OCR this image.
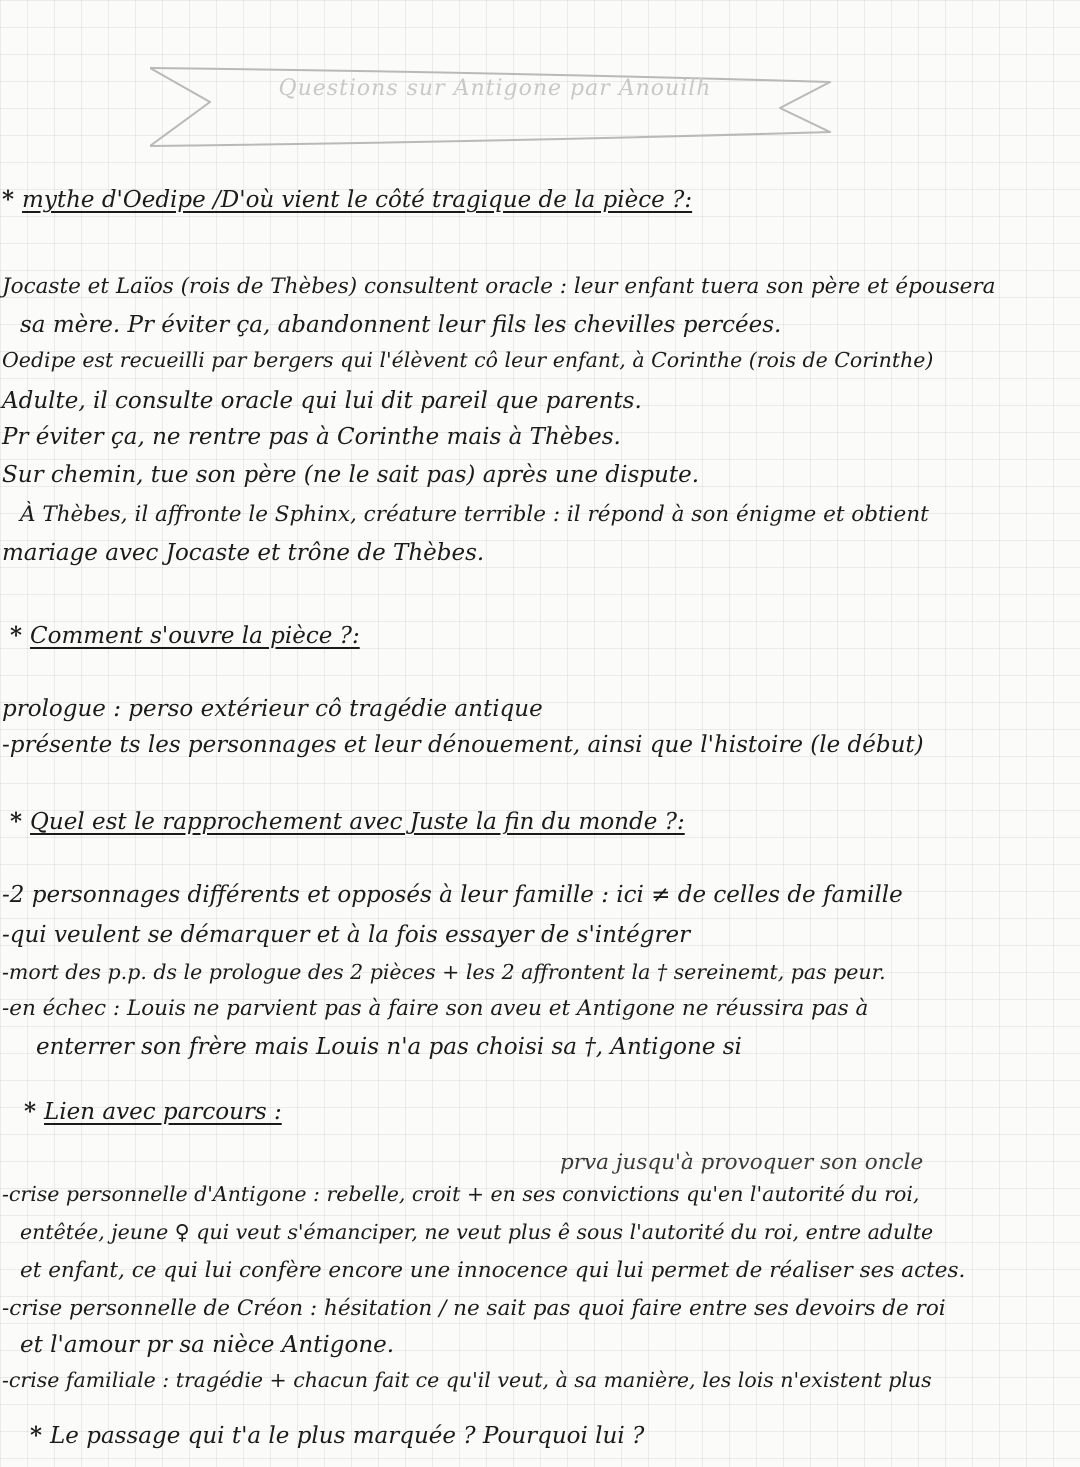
Questions sur Antigone par Anouilh
* mythe d'Oedipe /D'où vient le côté tragique de la pièce ?:
Jocaste et Laïos (rois de Thèbes) consultent oracle : leur enfant tuera son père et épousera
sa mère. Pr éviter ça, abandonnent leur fils les chevilles percées.
Oedipe est recueilli par bergers qui l'élèvent cô leur enfant, à Corinthe (rois de Corinthe)
Adulte, il consulte oracle qui lui dit pareil que parents.
Pr éviter ça, ne rentre pas à Corinthe mais à Thèbes.
Sur chemin, tue son père (ne le sait pas) après une dispute.
À Thèbes, il affronte le Sphinx, créature terrible : il répond à son énigme et obtient
mariage avec Jocaste et trône de Thèbes.
* Comment s'ouvre la pièce ?:
prologue : perso extérieur cô tragédie antique
-présente ts les personnages et leur dénouement, ainsi que l'histoire (le début)
* Quel est le rapprochement avec Juste la fin du monde ?:
-2 personnages différents et opposés à leur famille : ici ≠ de celles de famille
-qui veulent se démarquer et à la fois essayer de s'intégrer
-mort des p.p. ds le prologue des 2 pièces + les 2 affrontent la † sereinemt, pas peur.
-en échec : Louis ne parvient pas à faire son aveu et Antigone ne réussira pas à
enterrer son frère mais Louis n'a pas choisi sa †, Antigone si
* Lien avec parcours :
prva jusqu'à provoquer son oncle
-crise personnelle d'Antigone : rebelle, croit + en ses convictions qu'en l'autorité du roi,
entêtée, jeune ♀ qui veut s'émanciper, ne veut plus ê sous l'autorité du roi, entre adulte
et enfant, ce qui lui confère encore une innocence qui lui permet de réaliser ses actes.
-crise personnelle de Créon : hésitation / ne sait pas quoi faire entre ses devoirs de roi
et l'amour pr sa nièce Antigone.
-crise familiale : tragédie + chacun fait ce qu'il veut, à sa manière, les lois n'existent plus
* Le passage qui t'a le plus marquée ? Pourquoi lui ?
